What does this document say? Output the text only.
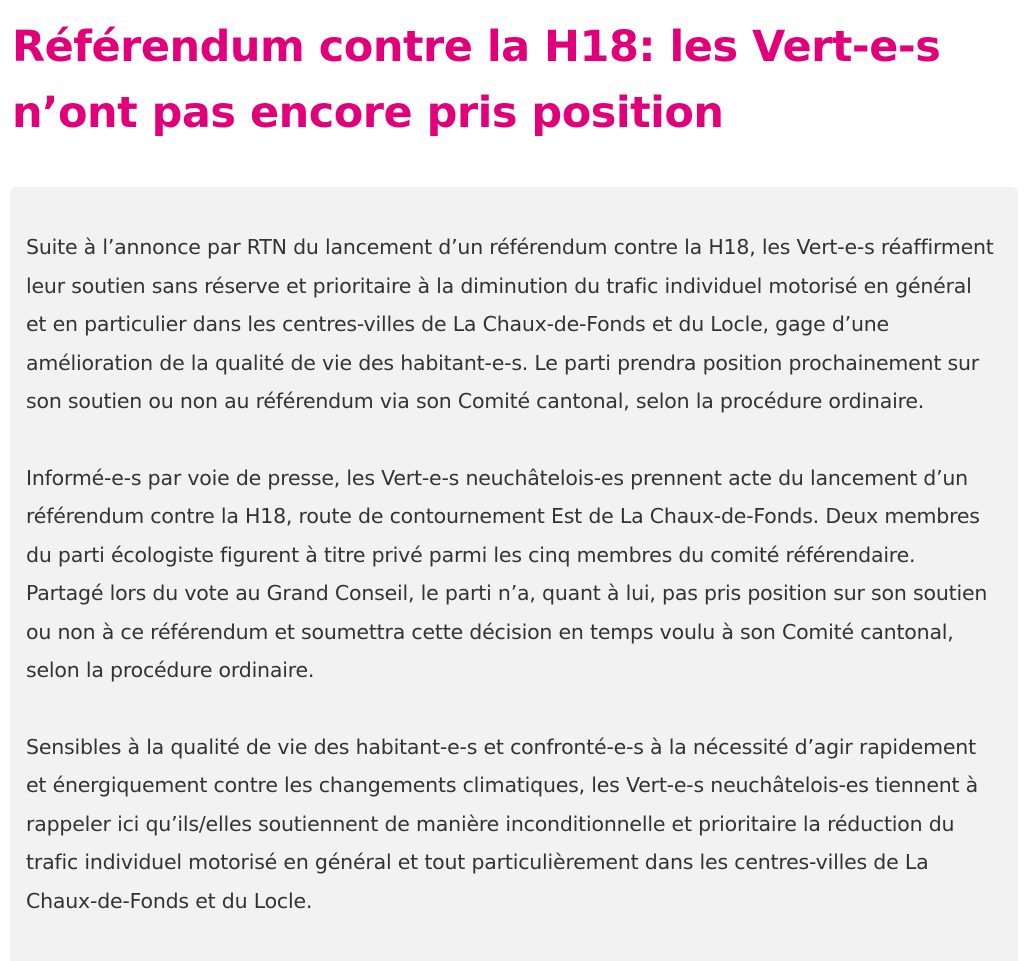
Référendum contre la H18: les Vert-e-s n’ont pas encore pris position

Suite à l’annonce par RTN du lancement d’un référendum contre la H18, les Vert-e-s réaffirment leur soutien sans réserve et prioritaire à la diminution du trafic individuel motorisé en général et en particulier dans les centres-villes de La Chaux-de-Fonds et du Locle, gage d’une amélioration de la qualité de vie des habitant-e-s. Le parti prendra position prochainement sur son soutien ou non au référendum via son Comité cantonal, selon la procédure ordinaire.

Informé-e-s par voie de presse, les Vert-e-s neuchâtelois-es prennent acte du lancement d’un référendum contre la H18, route de contournement Est de La Chaux-de-Fonds. Deux membres du parti écologiste figurent à titre privé parmi les cinq membres du comité référendaire. Partagé lors du vote au Grand Conseil, le parti n’a, quant à lui, pas pris position sur son soutien ou non à ce référendum et soumettra cette décision en temps voulu à son Comité cantonal, selon la procédure ordinaire.

Sensibles à la qualité de vie des habitant-e-s et confronté-e-s à la nécessité d’agir rapidement et énergiquement contre les changements climatiques, les Vert-e-s neuchâtelois-es tiennent à rappeler ici qu’ils/elles soutiennent de manière inconditionnelle et prioritaire la réduction du trafic individuel motorisé en général et tout particulièrement dans les centres-villes de La Chaux-de-Fonds et du Locle.
